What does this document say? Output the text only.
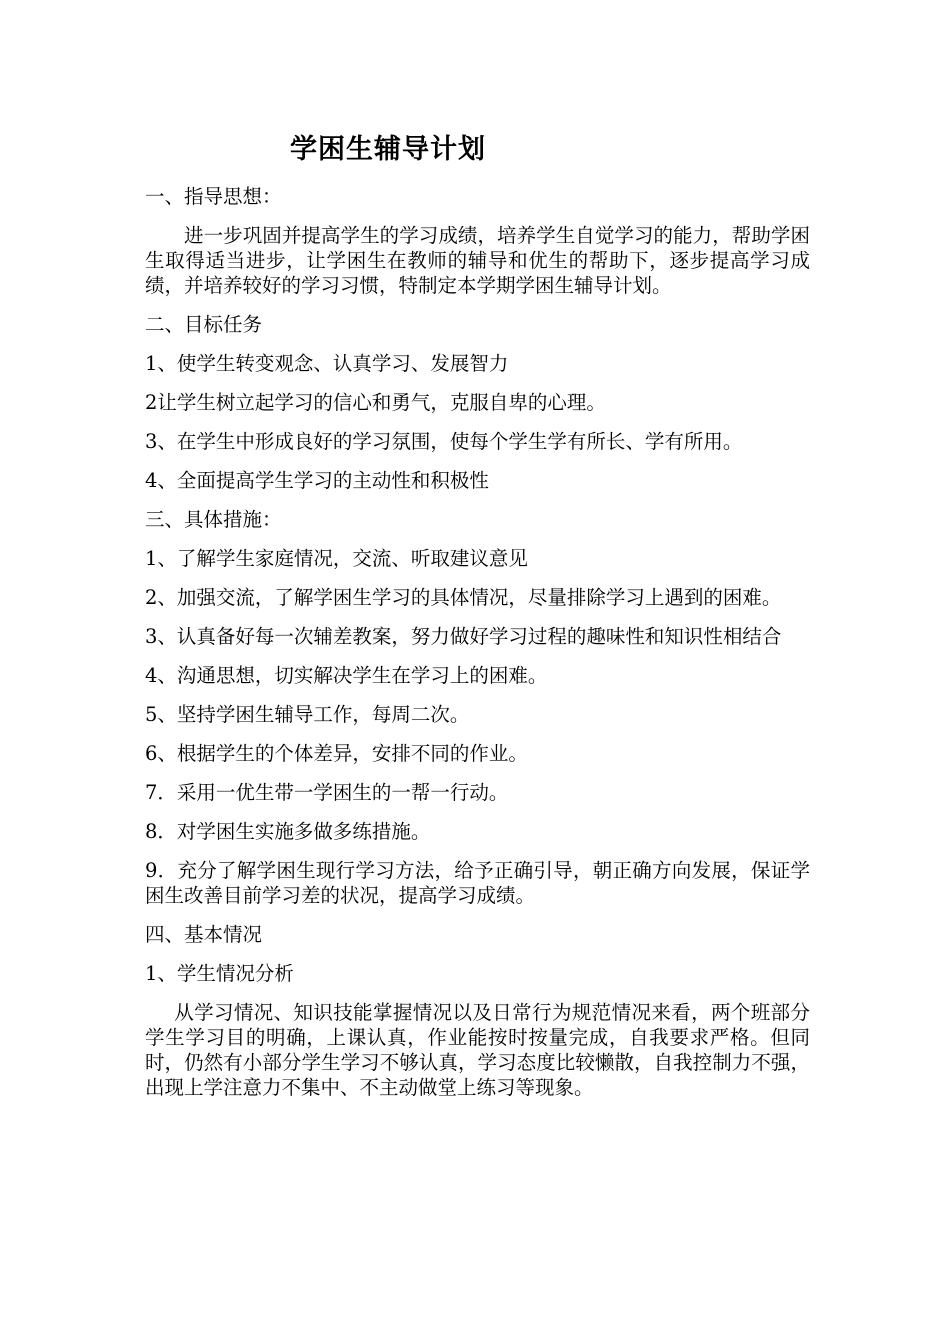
学困生辅导计划

一、指导思想：

进一步巩固并提高学生的学习成绩，培养学生自觉学习的能力，帮助学困生取得适当进步，让学困生在教师的辅导和优生的帮助下，逐步提高学习成绩，并培养较好的学习习惯，特制定本学期学困生辅导计划。

二、目标任务

1、使学生转变观念、认真学习、发展智力

2让学生树立起学习的信心和勇气，克服自卑的心理。

3、在学生中形成良好的学习氛围，使每个学生学有所长、学有所用。

4、全面提高学生学习的主动性和积极性

三、具体措施：

1、了解学生家庭情况，交流、听取建议意见

2、加强交流，了解学困生学习的具体情况，尽量排除学习上遇到的困难。

3、认真备好每一次辅差教案，努力做好学习过程的趣味性和知识性相结合

4、沟通思想，切实解决学生在学习上的困难。

5、坚持学困生辅导工作，每周二次。

6、根据学生的个体差异，安排不同的作业。

7．采用一优生带一学困生的一帮一行动。

8．对学困生实施多做多练措施。

9．充分了解学困生现行学习方法，给予正确引导，朝正确方向发展，保证学困生改善目前学习差的状况，提高学习成绩。

四、基本情况

1、学生情况分析

从学习情况、知识技能掌握情况以及日常行为规范情况来看，两个班部分学生学习目的明确，上课认真，作业能按时按量完成，自我要求严格。但同时，仍然有小部分学生学习不够认真，学习态度比较懒散，自我控制力不强，出现上学注意力不集中、不主动做堂上练习等现象。
